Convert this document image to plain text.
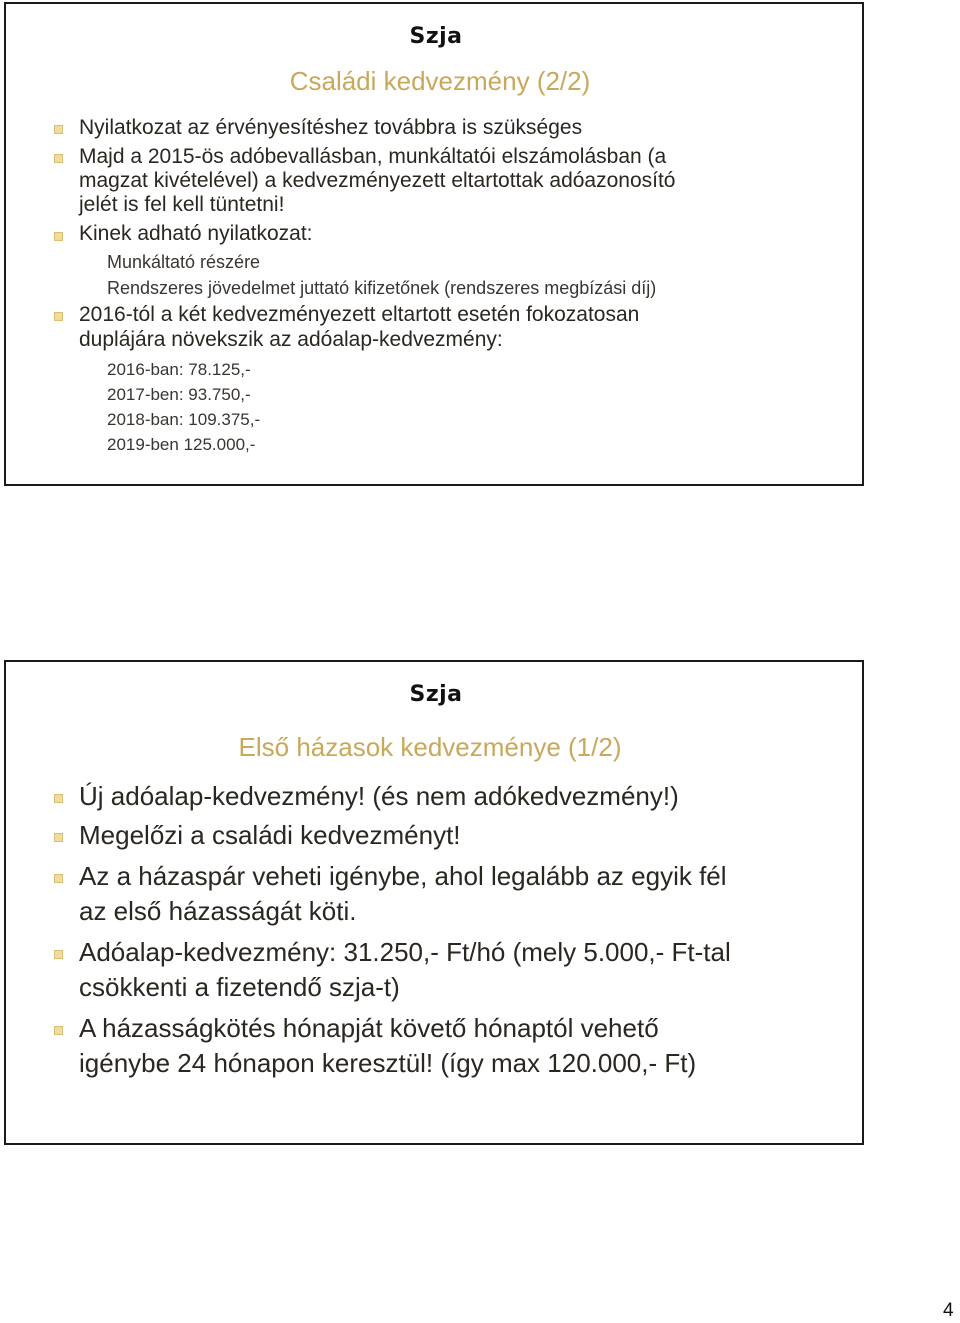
Szja
Családi kedvezmény (2/2)
Nyilatkozat az érvényesítéshez továbbra is szükséges
Majd a 2015-ös adóbevallásban, munkáltatói elszámolásban (a
magzat kivételével) a kedvezményezett eltartottak adóazonosító
jelét is fel kell tüntetni!
Kinek adható nyilatkozat:
Munkáltató részére
Rendszeres jövedelmet juttató kifizetőnek (rendszeres megbízási díj)
2016-tól a két kedvezményezett eltartott esetén fokozatosan
duplájára növekszik az adóalap-kedvezmény:
2016-ban: 78.125,-
2017-ben: 93.750,-
2018-ban: 109.375,-
2019-ben 125.000,-
Szja
Első házasok kedvezménye (1/2)
Új adóalap-kedvezmény! (és nem adókedvezmény!)
Megelőzi a családi kedvezményt!
Az a házaspár veheti igénybe, ahol legalább az egyik fél
az első házasságát köti.
Adóalap-kedvezmény: 31.250,- Ft/hó (mely 5.000,- Ft-tal
csökkenti a fizetendő szja-t)
A házasságkötés hónapját követő hónaptól vehető
igénybe 24 hónapon keresztül! (így max 120.000,- Ft)
4
